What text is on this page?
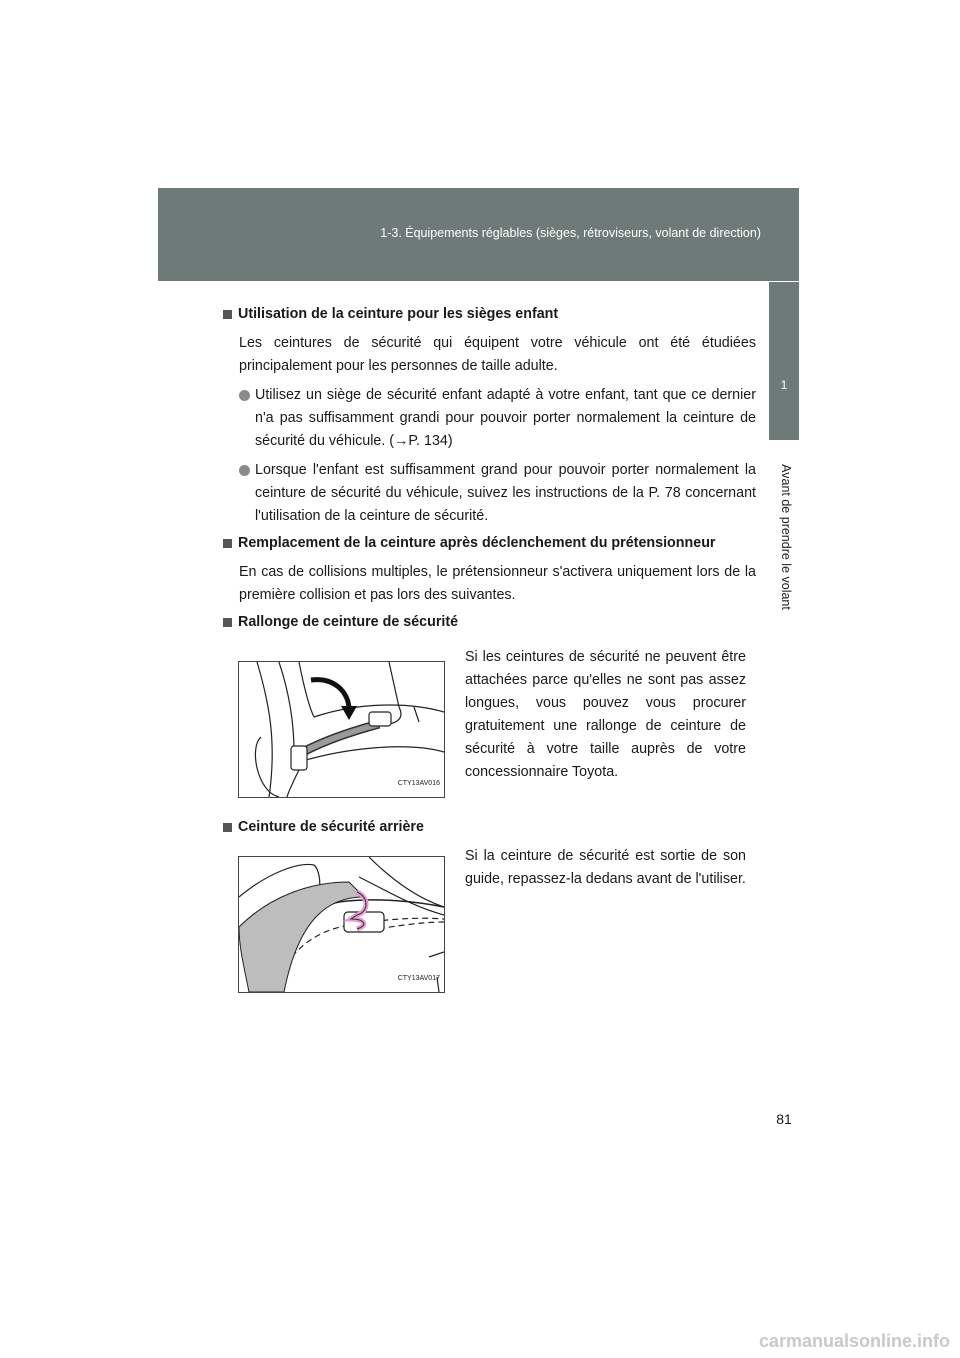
1-3. Équipements réglables (sièges, rétroviseurs, volant de direction)
1
Avant de prendre le volant
Utilisation de la ceinture pour les sièges enfant
Les ceintures de sécurité qui équipent votre véhicule ont été étudiées principalement pour les personnes de taille adulte.
Utilisez un siège de sécurité enfant adapté à votre enfant, tant que ce dernier n'a pas suffisamment grandi pour pouvoir porter normalement la ceinture de sécurité du véhicule. (→P. 134)
Lorsque l'enfant est suffisamment grand pour pouvoir porter normalement la ceinture de sécurité du véhicule, suivez les instructions de la P. 78 concernant l'utilisation de la ceinture de sécurité.
Remplacement de la ceinture après déclenchement du prétensionneur
En cas de collisions multiples, le prétensionneur s'activera uniquement lors de la première collision et pas lors des suivantes.
Rallonge de ceinture de sécurité
CTY13AV016
Si les ceintures de sécurité ne peuvent être attachées parce qu'elles ne sont pas assez longues, vous pouvez vous procurer gratuitement une rallonge de ceinture de sécurité à votre taille auprès de votre concessionnaire Toyota.
Ceinture de sécurité arrière
CTY13AV017
Si la ceinture de sécurité est sortie de son guide, repassez-la dedans avant de l'utiliser.
81
carmanualsonline.info
